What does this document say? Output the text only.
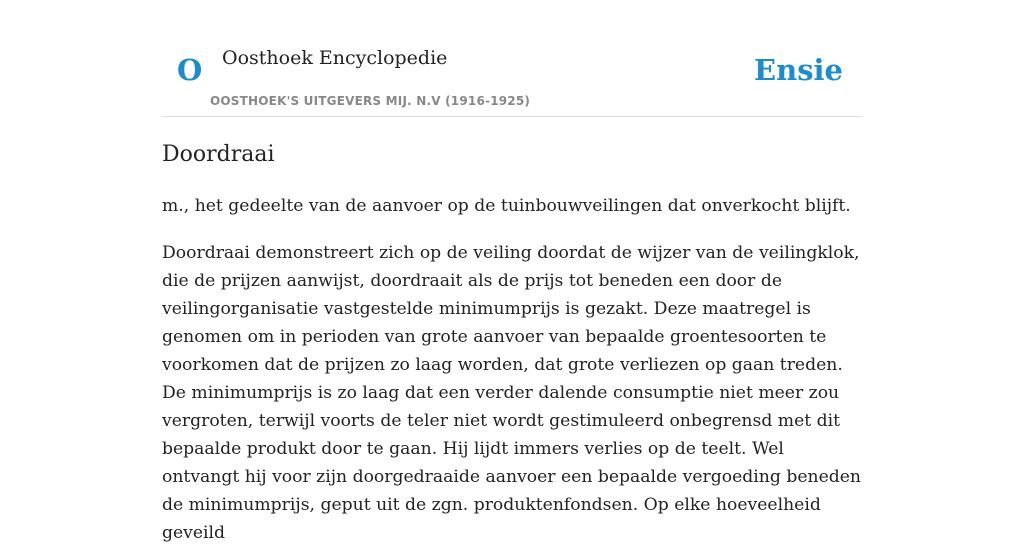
O Oosthoek Encyclopedie
OOSTHOEK'S UITGEVERS MIJ. N.V (1916-1925)
Ensie
Doordraai

m., het gedeelte van de aanvoer op de tuinbouwveilingen dat onverkocht blijft.

Doordraai demonstreert zich op de veiling doordat de wijzer van de veilingklok, die de prijzen aanwijst, doordraait als de prijs tot beneden een door de veilingorganisatie vastgestelde minimumprijs is gezakt. Deze maatregel is genomen om in perioden van grote aanvoer van bepaalde groentesoorten te voorkomen dat de prijzen zo laag worden, dat grote verliezen op gaan treden. De minimumprijs is zo laag dat een verder dalende consumptie niet meer zou vergroten, terwijl voorts de teler niet wordt gestimuleerd onbegrensd met dit bepaalde produkt door te gaan. Hij lijdt immers verlies op de teelt. Wel ontvangt hij voor zijn doorgedraaide aanvoer een bepaalde vergoeding beneden de minimumprijs, geput uit de zgn. produktenfondsen. Op elke hoeveelheid geveild
